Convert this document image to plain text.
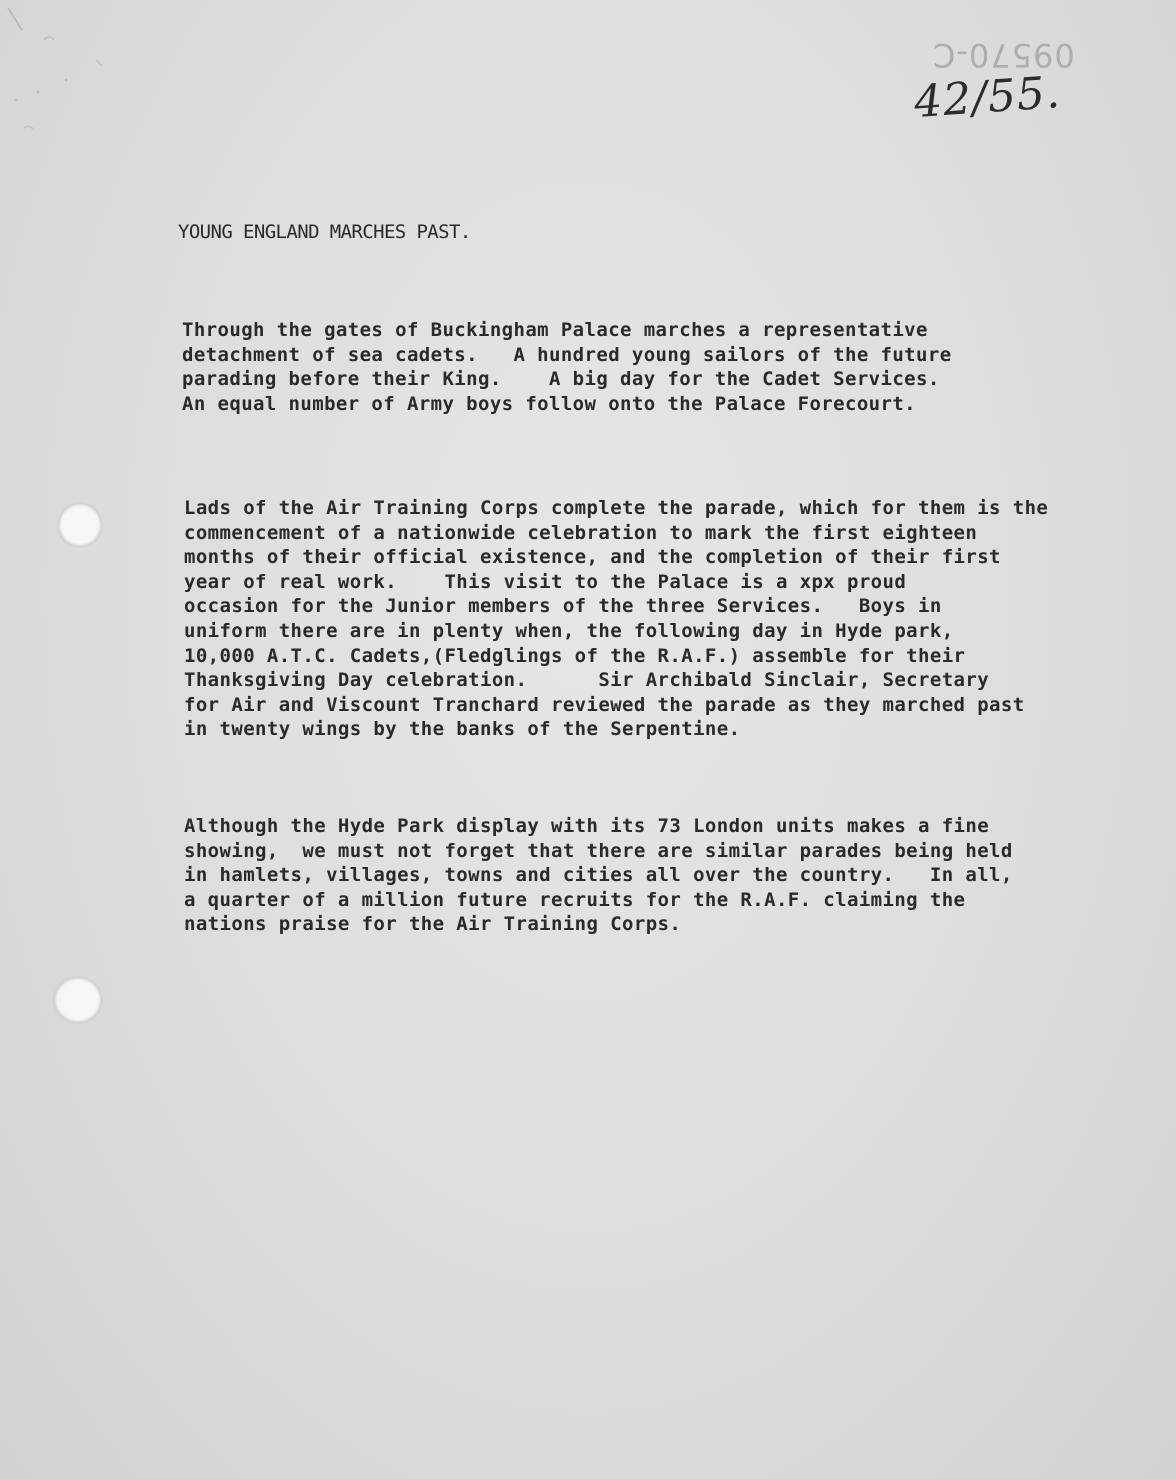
09570-C
42/55.
YOUNG ENGLAND MARCHES PAST.
Through the gates of Buckingham Palace marches a representative
detachment of sea cadets.   A hundred young sailors of the future
parading before their King.    A big day for the Cadet Services.
An equal number of Army boys follow onto the Palace Forecourt.
Lads of the Air Training Corps complete the parade, which for them is the
commencement of a nationwide celebration to mark the first eighteen
months of their official existence, and the completion of their first
year of real work.    This visit to the Palace is a xpx proud
occasion for the Junior members of the three Services.   Boys in
uniform there are in plenty when, the following day in Hyde park,
10,000 A.T.C. Cadets,(Fledglings of the R.A.F.) assemble for their
Thanksgiving Day celebration.      Sir Archibald Sinclair, Secretary
for Air and Viscount Tranchard reviewed the parade as they marched past
in twenty wings by the banks of the Serpentine.
Although the Hyde Park display with its 73 London units makes a fine
showing,  we must not forget that there are similar parades being held
in hamlets, villages, towns and cities all over the country.   In all,
a quarter of a million future recruits for the R.A.F. claiming the
nations praise for the Air Training Corps.
